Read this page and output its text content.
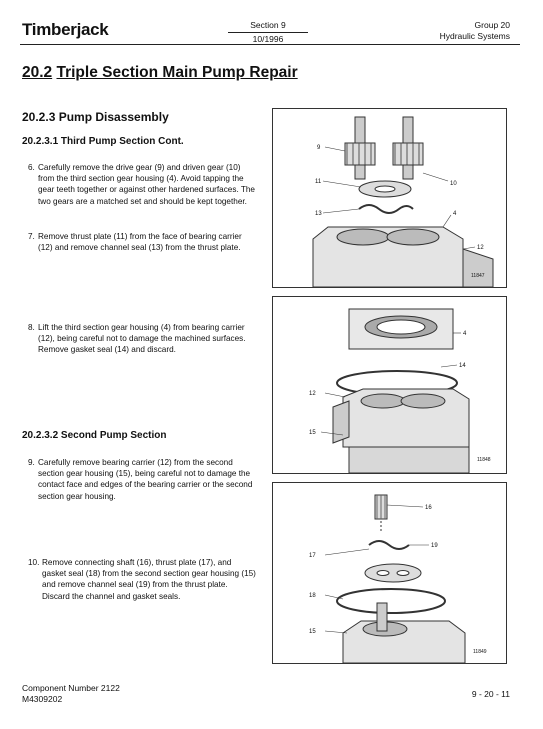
Timberjack	Section 9
10/1996
Group 20
Hydraulic Systems
20.2 Triple Section Main Pump Repair
20.2.3 Pump Disassembly
20.2.3.1 Third Pump Section Cont.
6. Carefully remove the drive gear (9) and driven gear (10) from the third section gear housing (4). Avoid tapping the gear teeth together or against other hardened surfaces. The two gears are a matched set and should be kept together.
7. Remove thrust plate (11) from the face of bearing carrier (12) and remove channel seal (13) from the thrust plate.
8. Lift the third section gear housing (4) from bearing carrier (12), being careful not to damage the machined surfaces. Remove gasket seal (14) and discard.
20.2.3.2 Second Pump Section
9. Carefully remove bearing carrier (12) from the second section gear housing (15), being careful not to damage the contact face and edges of the bearing carrier or the second section gear housing.
10. Remove connecting shaft (16), thrust plate (17), and gasket seal (18) from the second section gear housing (15) and remove channel seal (19) from the thrust plate. Discard the channel and gasket seals.
9
11
13
10
4
12
11847
4
14
12
15
11848
16
19
17
18
15
11849
Component Number 2122
M4309202	9 - 20 - 11
